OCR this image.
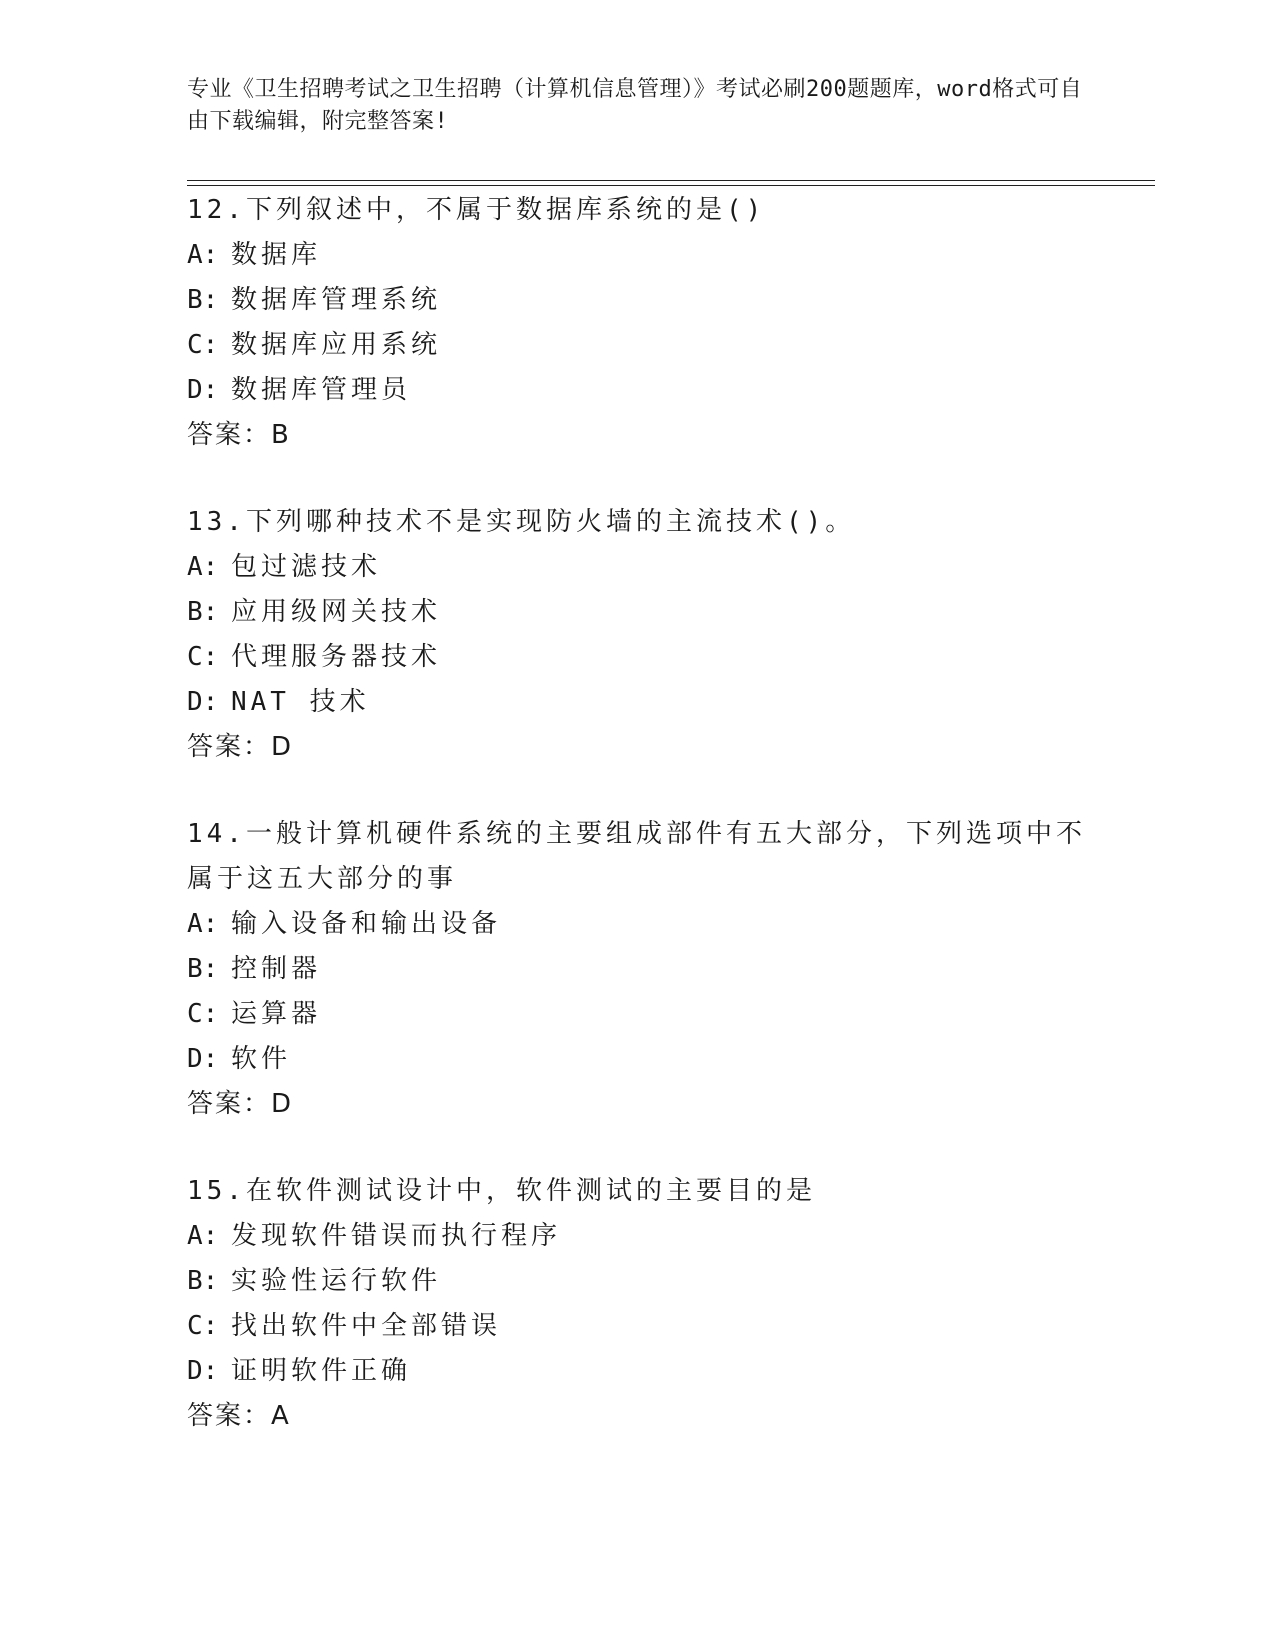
专业《卫生招聘考试之卫生招聘（计算机信息管理）》考试必刷200题题库，word格式可自由下载编辑，附完整答案!
12.下列叙述中，不属于数据库系统的是()
A: 数据库
B: 数据库管理系统
C: 数据库应用系统
D: 数据库管理员
答案：B
13.下列哪种技术不是实现防火墙的主流技术()。
A: 包过滤技术
B: 应用级网关技术
C: 代理服务器技术
D: NAT 技术
答案：D
14.一般计算机硬件系统的主要组成部件有五大部分，下列选项中不属于这五大部分的事
A: 输入设备和输出设备
B: 控制器
C: 运算器
D: 软件
答案：D
15.在软件测试设计中，软件测试的主要目的是
A: 发现软件错误而执行程序
B: 实验性运行软件
C: 找出软件中全部错误
D: 证明软件正确
答案：A
